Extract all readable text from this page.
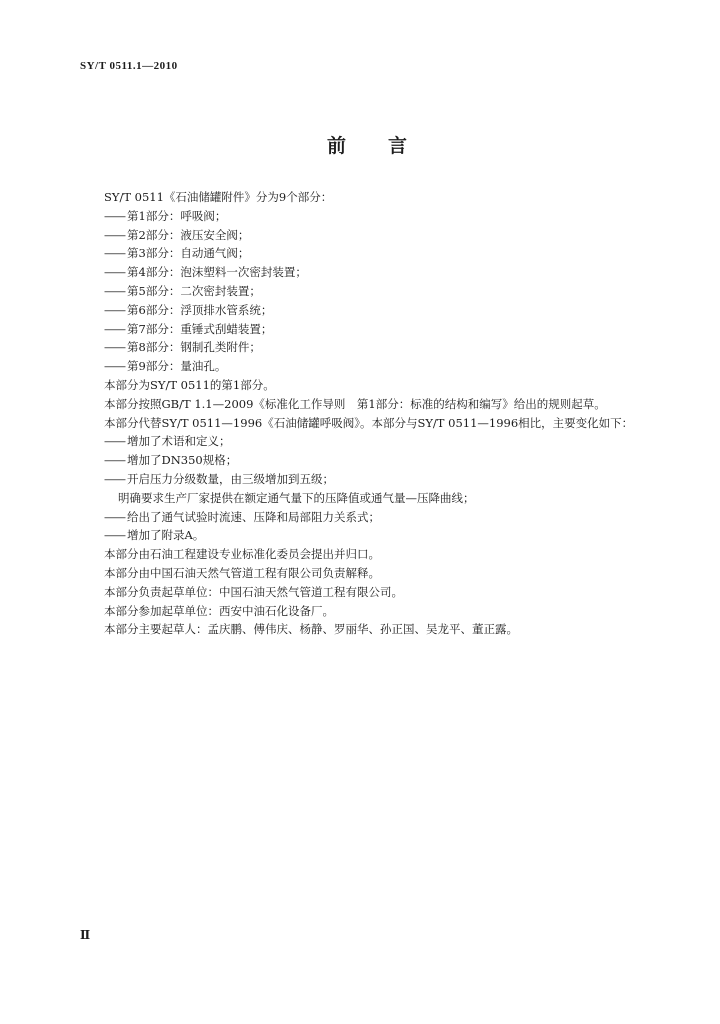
SY/T 0511.1—2010
前 言
SY/T 0511《石油储罐附件》分为9个部分：
—— 第1部分：呼吸阀；
—— 第2部分：液压安全阀；
—— 第3部分：自动通气阀；
—— 第4部分：泡沫塑料一次密封装置；
—— 第5部分：二次密封装置；
—— 第6部分：浮顶排水管系统；
—— 第7部分：重锤式刮蜡装置；
—— 第8部分：钢制孔类附件；
—— 第9部分：量油孔。
本部分为SY/T 0511的第1部分。
本部分按照GB/T 1.1—2009《标准化工作导则　第1部分：标准的结构和编写》给出的规则起草。
本部分代替SY/T 0511—1996《石油储罐呼吸阀》。本部分与SY/T 0511—1996相比，主要变化如下：
—— 增加了术语和定义；
—— 增加了DN350规格；
—— 开启压力分级数量，由三级增加到五级；
明确要求生产厂家提供在额定通气量下的压降值或通气量—压降曲线；
—— 给出了通气试验时流速、压降和局部阻力关系式；
—— 增加了附录A。
本部分由石油工程建设专业标准化委员会提出并归口。
本部分由中国石油天然气管道工程有限公司负责解释。
本部分负责起草单位：中国石油天然气管道工程有限公司。
本部分参加起草单位：西安中油石化设备厂。
本部分主要起草人：孟庆鹏、傅伟庆、杨静、罗丽华、孙正国、吴龙平、董正露。
Ⅱ
